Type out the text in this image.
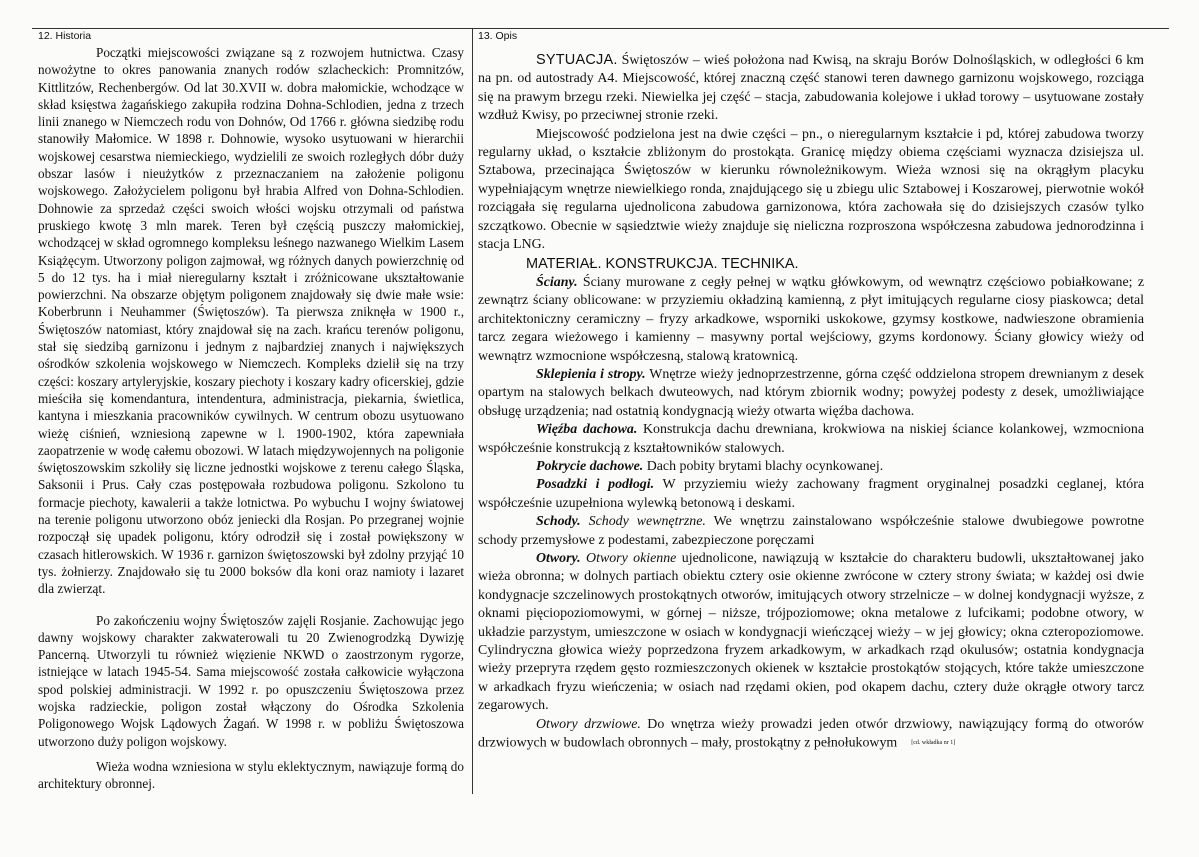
12. Historia

Początki miejscowości związane są z rozwojem hutnictwa. Czasy nowożytne to okres panowania znanych rodów szlacheckich: Promnitzów, Kittlitzów, Rechenbergów. Od lat 30.XVII w. dobra małomickie, wchodzące w skład księstwa żagańskiego zakupiła rodzina Dohna-Schlodien, jedna z trzech linii znanego w Niemczech rodu von Dohnów, Od 1766 r. główna siedzibę rodu stanowiły Małomice. W 1898 r. Dohnowie, wysoko usytuowani w hierarchii wojskowej cesarstwa niemieckiego, wydzielili ze swoich rozległych dóbr duży obszar lasów i nieużytków z przeznaczaniem na założenie poligonu wojskowego. Założycielem poligonu był hrabia Alfred von Dohna-Schlodien. Dohnowie za sprzedaż części swoich włości wojsku otrzymali od państwa pruskiego kwotę 3 mln marek. Teren był częścią puszczy małomickiej, wchodzącej w skład ogromnego kompleksu leśnego nazwanego Wielkim Lasem Książęcym. Utworzony poligon zajmował, wg różnych danych powierzchnię od 5 do 12 tys. ha i miał nieregularny kształt i zróżnicowane ukształtowanie powierzchni. Na obszarze objętym poligonem znajdowały się dwie małe wsie: Koberbrunn i Neuhammer (Świętoszów). Ta pierwsza zniknęła w 1900 r., Świętoszów natomiast, który znajdował się na zach. krańcu terenów poligonu, stał się siedzibą garnizonu i jednym z najbardziej znanych i największych ośrodków szkolenia wojskowego w Niemczech. Kompleks dzielił się na trzy części: koszary artyleryjskie, koszary piechoty i koszary kadry oficerskiej, gdzie mieściła się komendantura, intendentura, administracja, piekarnia, świetlica, kantyna i mieszkania pracowników cywilnych. W centrum obozu usytuowano wieżę ciśnień, wzniesioną zapewne w l. 1900-1902, która zapewniała zaopatrzenie w wodę całemu obozowi. W latach międzywojennych na poligonie świętoszowskim szkoliły się liczne jednostki wojskowe z terenu całego Śląska, Saksonii i Prus. Cały czas postępowała rozbudowa poligonu. Szkolono tu formacje piechoty, kawalerii a także lotnictwa. Po wybuchu I wojny światowej na terenie poligonu utworzono obóz jeniecki dla Rosjan. Po przegranej wojnie rozpoczął się upadek poligonu, który odrodził się i został powiększony w czasach hitlerowskich. W 1936 r. garnizon świętoszowski był zdolny przyjąć 10 tys. żołnierzy. Znajdowało się tu 2000 boksów dla koni oraz namioty i lazaret dla zwierząt.

Po zakończeniu wojny Świętoszów zajęli Rosjanie. Zachowując jego dawny wojskowy charakter zakwaterowali tu 20 Zwienogrodzką Dywizję Pancerną. Utworzyli tu również więzienie NKWD o zaostrzonym rygorze, istniejące w latach 1945-54. Sama miejscowość została całkowicie wyłączona spod polskiej administracji. W 1992 r. po opuszczeniu Świętoszowa przez wojska radzieckie, poligon został włączony do Ośrodka Szkolenia Poligonowego Wojsk Lądowych Żagań. W 1998 r. w pobliżu Świętoszowa utworzono duży poligon wojskowy.

Wieża wodna wzniesiona w stylu eklektycznym, nawiązuje formą do architektury obronnej.

13. Opis

SYTUACJA. Świętoszów – wieś położona nad Kwisą, na skraju Borów Dolnośląskich, w odległości 6 km na pn. od autostrady A4. Miejscowość, której znaczną część stanowi teren dawnego garnizonu wojskowego, rozciąga się na prawym brzegu rzeki. Niewielka jej część – stacja, zabudowania kolejowe i układ torowy – usytuowane zostały wzdłuż Kwisy, po przeciwnej stronie rzeki.

Miejscowość podzielona jest na dwie części – pn., o nieregularnym kształcie i pd, której zabudowa tworzy regularny układ, o kształcie zbliżonym do prostokąta. Granicę między obiema częściami wyznacza dzisiejsza ul. Sztabowa, przecinająca Świętoszów w kierunku równoleżnikowym. Wieża wznosi się na okrągłym placyku wypełniającym wnętrze niewielkiego ronda, znajdującego się u zbiegu ulic Sztabowej i Koszarowej, pierwotnie wokół rozciągała się regularna ujednolicona zabudowa garnizonowa, która zachowała się do dzisiejszych czasów tylko szczątkowo. Obecnie w sąsiedztwie wieży znajduje się nieliczna rozproszona współczesna zabudowa jednorodzinna i stacja LNG.

MATERIAŁ. KONSTRUKCJA. TECHNIKA.

Ściany. Ściany murowane z cegły pełnej w wątku główkowym, od wewnątrz częściowo pobiałkowane; z zewnątrz ściany oblicowane: w przyziemiu okładziną kamienną, z płyt imitujących regularne ciosy piaskowca; detal architektoniczny ceramiczny – fryzy arkadkowe, wsporniki uskokowe, gzymsy kostkowe, nadwieszone obramienia tarcz zegara wieżowego i kamienny – masywny portal wejściowy, gzyms kordonowy. Ściany głowicy wieży od wewnątrz wzmocnione współczesną, stalową kratownicą.

Sklepienia i stropy. Wnętrze wieży jednoprzestrzenne, górna część oddzielona stropem drewnianym z desek opartym na stalowych belkach dwuteowych, nad którym zbiornik wodny; powyżej podesty z desek, umożliwiające obsługę urządzenia; nad ostatnią kondygnacją wieży otwarta więźba dachowa.

Więźba dachowa. Konstrukcja dachu drewniana, krokwiowa na niskiej ściance kolankowej, wzmocniona współcześnie konstrukcją z kształtowników stalowych.

Pokrycie dachowe. Dach pobity brytami blachy ocynkowanej.

Posadzki i podłogi. W przyziemiu wieży zachowany fragment oryginalnej posadzki ceglanej, która współcześnie uzupełniona wylewką betonową i deskami.

Schody. Schody wewnętrzne. We wnętrzu zainstalowano współcześnie stalowe dwubiegowe powrotne schody przemysłowe z podestami, zabezpieczone poręczami

Otwory. Otwory okienne ujednolicone, nawiązują w kształcie do charakteru budowli, ukształtowanej jako wieża obronna; w dolnych partiach obiektu cztery osie okienne zwrócone w cztery strony świata; w każdej osi dwie kondygnacje szczelinowych prostokątnych otworów, imitujących otwory strzelnicze – w dolnej kondygnacji wyższe, z oknami pięciopoziomowymi, w górnej – niższe, trójpoziomowe; okna metalowe z lufcikami; podobne otwory, w układzie parzystym, umieszczone w osiach w kondygnacji wieńczącej wieży – w jej głowicy; okna czteropoziomowe. Cylindryczna głowica wieży poprzedzona fryzem arkadkowym, w arkadkach rząd okulusów; ostatnia kondygnacja wieży przeprута rzędem gęsto rozmieszczonych okienek w kształcie prostokątów stojących, które także umieszczone w arkadkach fryzu wieńczenia; w osiach nad rzędami okien, pod okapem dachu, cztery duże okrągłe otwory tarcz zegarowych.

Otwory drzwiowe. Do wnętrza wieży prowadzi jeden otwór drzwiowy, nawiązujący formą do otworów drzwiowych w budowlach obronnych – mały, prostokątny z pełnołukowym [cd. wkładka nr 1]
